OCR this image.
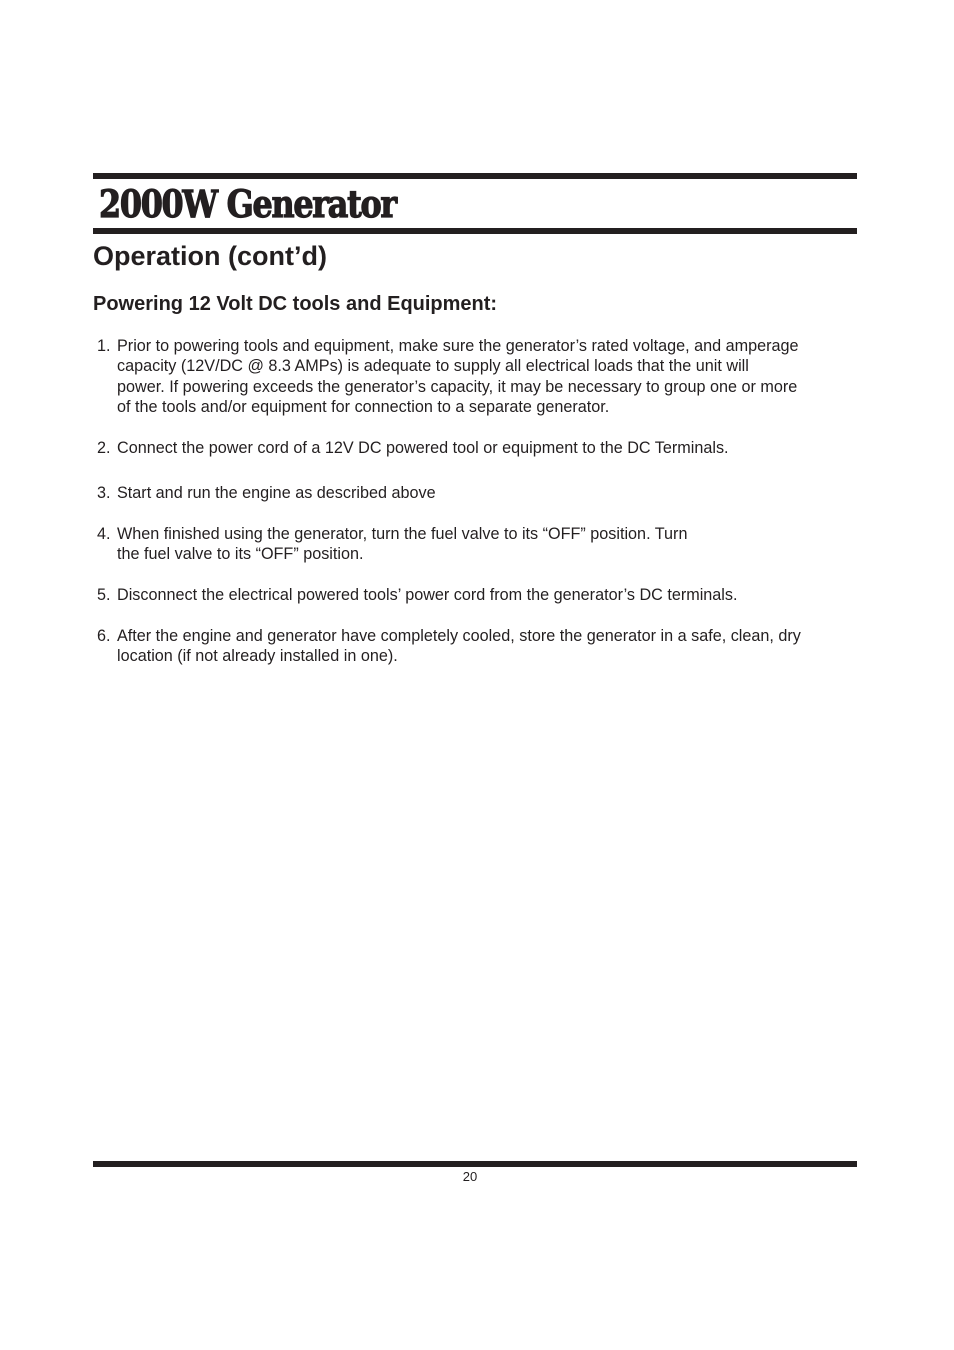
2000W Generator
Operation (cont’d)
Powering 12 Volt DC tools and Equipment:
1. Prior to powering tools and equipment, make sure the generator’s rated voltage, and amperage
capacity (12V/DC @ 8.3 AMPs) is adequate to supply all electrical loads that the unit will
power. If powering exceeds the generator’s capacity, it may be necessary to group one or more
of the tools and/or equipment for connection to a separate generator.
2. Connect the power cord of a 12V DC powered tool or equipment to the DC Terminals.
3. Start and run the engine as described above
4. When finished using the generator, turn the fuel valve to its “OFF” position. Turn
the fuel valve to its “OFF” position.
5. Disconnect the electrical powered tools’ power cord from the generator’s DC terminals.
6. After the engine and generator have completely cooled, store the generator in a safe, clean, dry
location (if not already installed in one).
20
